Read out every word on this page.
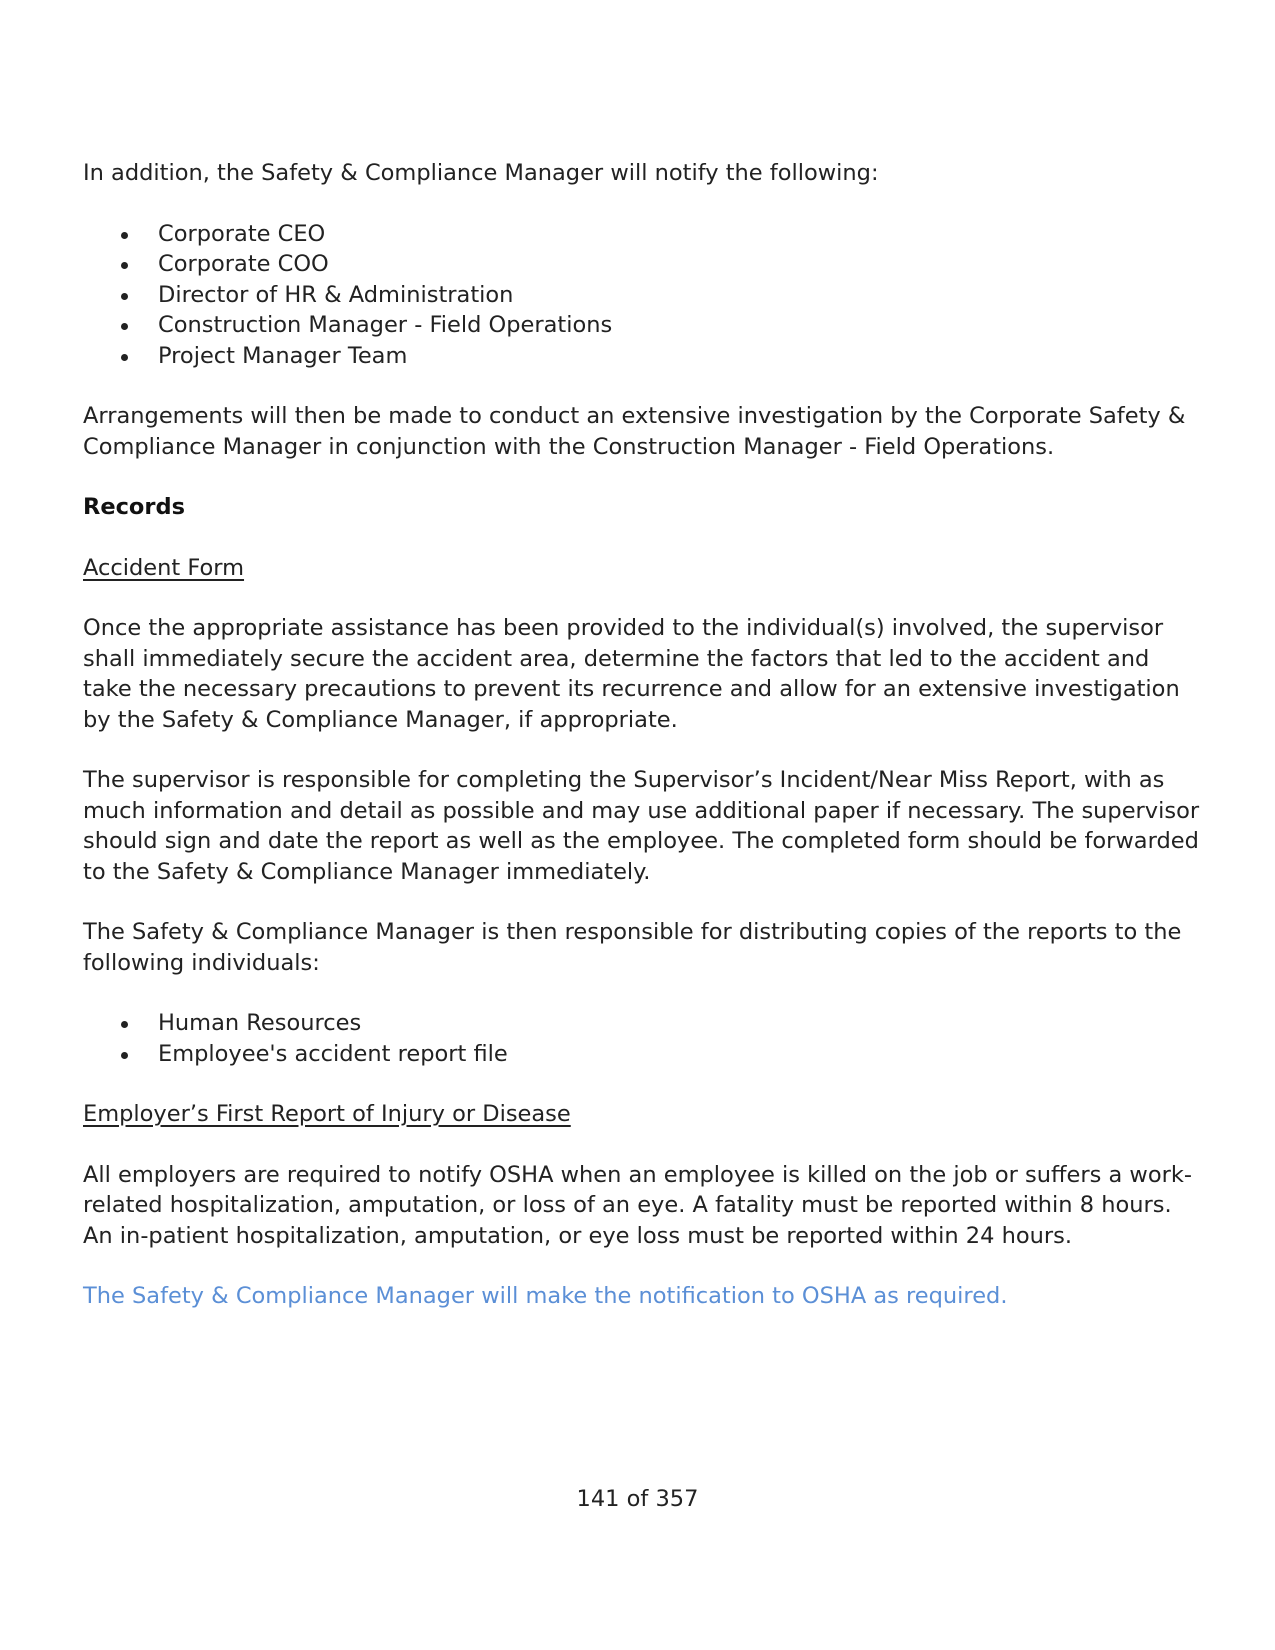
In addition, the Safety & Compliance Manager will notify the following:

Corporate CEO
Corporate COO
Director of HR & Administration
Construction Manager - Field Operations
Project Manager Team

Arrangements will then be made to conduct an extensive investigation by the Corporate Safety & Compliance Manager in conjunction with the Construction Manager - Field Operations.

Records

Accident Form

Once the appropriate assistance has been provided to the individual(s) involved, the supervisor shall immediately secure the accident area, determine the factors that led to the accident and take the necessary precautions to prevent its recurrence and allow for an extensive investigation by the Safety & Compliance Manager, if appropriate.

The supervisor is responsible for completing the Supervisor’s Incident/Near Miss Report, with as much information and detail as possible and may use additional paper if necessary. The supervisor should sign and date the report as well as the employee. The completed form should be forwarded to the Safety & Compliance Manager immediately.

The Safety & Compliance Manager is then responsible for distributing copies of the reports to the following individuals:

Human Resources
Employee's accident report file

Employer’s First Report of Injury or Disease

All employers are required to notify OSHA when an employee is killed on the job or suffers a work-related hospitalization, amputation, or loss of an eye. A fatality must be reported within 8 hours. An in-patient hospitalization, amputation, or eye loss must be reported within 24 hours.

The Safety & Compliance Manager will make the notification to OSHA as required.

141 of 357
